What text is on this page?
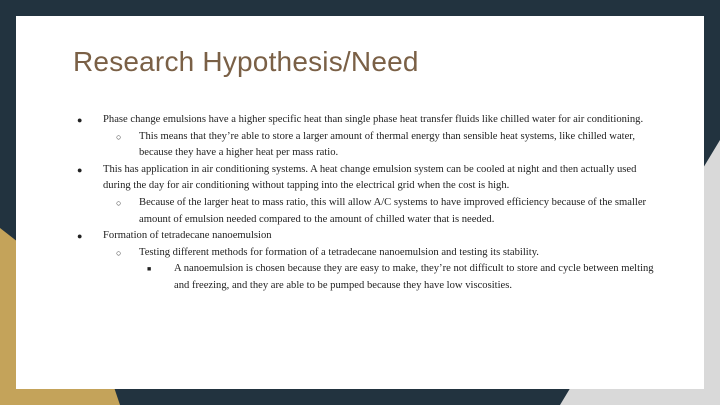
Research Hypothesis/Need
● Phase change emulsions have a higher specific heat than single phase heat transfer fluids like chilled water for air conditioning.
○ This means that they’re able to store a larger amount of thermal energy than sensible heat systems, like chilled water, because they have a higher heat per mass ratio.
● This has application in air conditioning systems. A heat change emulsion system can be cooled at night and then actually used during the day for air conditioning without tapping into the electrical grid when the cost is high.
○ Because of the larger heat to mass ratio, this will allow A/C systems to have improved efficiency because of the smaller amount of emulsion needed compared to the amount of chilled water that is needed.
● Formation of tetradecane nanoemulsion
○ Testing different methods for formation of a tetradecane nanoemulsion and testing its stability.
■ A nanoemulsion is chosen because they are easy to make, they’re not difficult to store and cycle between melting and freezing, and they are able to be pumped because they have low viscosities.
